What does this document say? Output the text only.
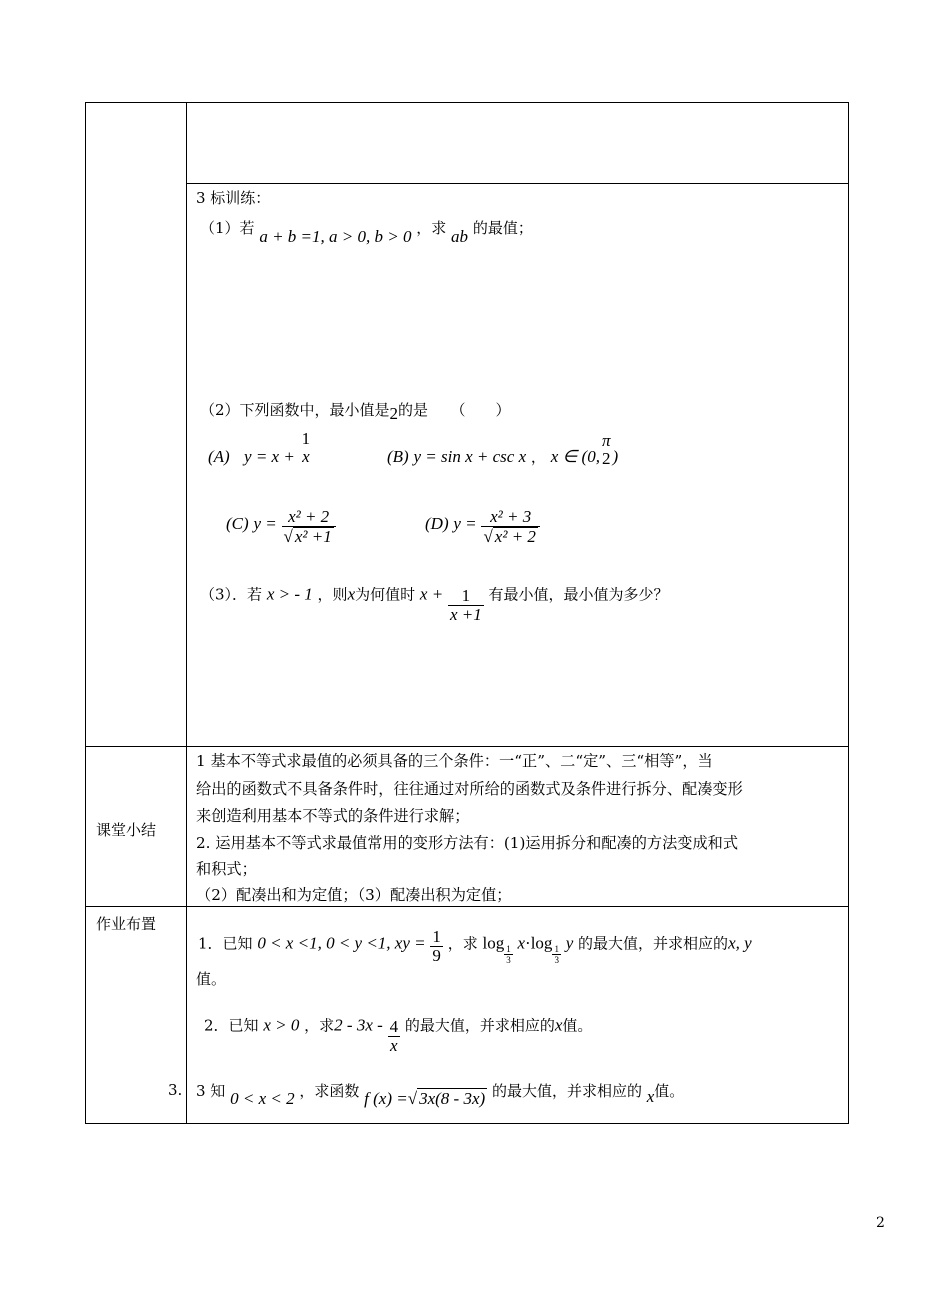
课堂小结
作业布置
3 标训练：
（1）若 a + b =1, a > 0, b > 0 ，求 ab 的最值；
（2）下列函数中，最小值是2的是　　（　　）
(A) y = x +
1
x	(B) y = sin x + csc x ， x ∈ (0,
π
2 )
(C) $y = \frac{\text{x² + 2}}{\text{√ x² +1}}$	(D) $y = \frac{\text{x² + 3}}{\text{√ x² + 2}}$
（3）．若 x > - 1 ，则x为何值时 $x + \frac{1}{x +1}$ 有最小值，最小值为多少？
1 基本不等式求最值的必须具备的三个条件：一“正”、二“定”、三“相等”，当
给出的函数式不具备条件时，往往通过对所给的函数式及条件进行拆分、配凑变形
来创造利用基本不等式的条件进行求解；
2. 运用基本不等式求最值常用的变形方法有：(1)运用拆分和配凑的方法变成和式
和积式；
（2）配凑出和为定值；（3）配凑出积为定值；
1．已知 0 < x <1, 0 < y <1, xy = $\frac{1}{9}$ ，求 log
$\frac{1}{3}$
x·log
$\frac{1}{3}$
y 的最大值，并求相应的x, y
值。
2．已知 x > 0 ，求$2 - 3x - \frac{4}{x}$ 的最大值，并求相应的x值。
3. 3 知 0 < x < 2 ，求函数 f (x) =√ 3x(8 - 3x) 的最大值，并求相应的 x值。
2
